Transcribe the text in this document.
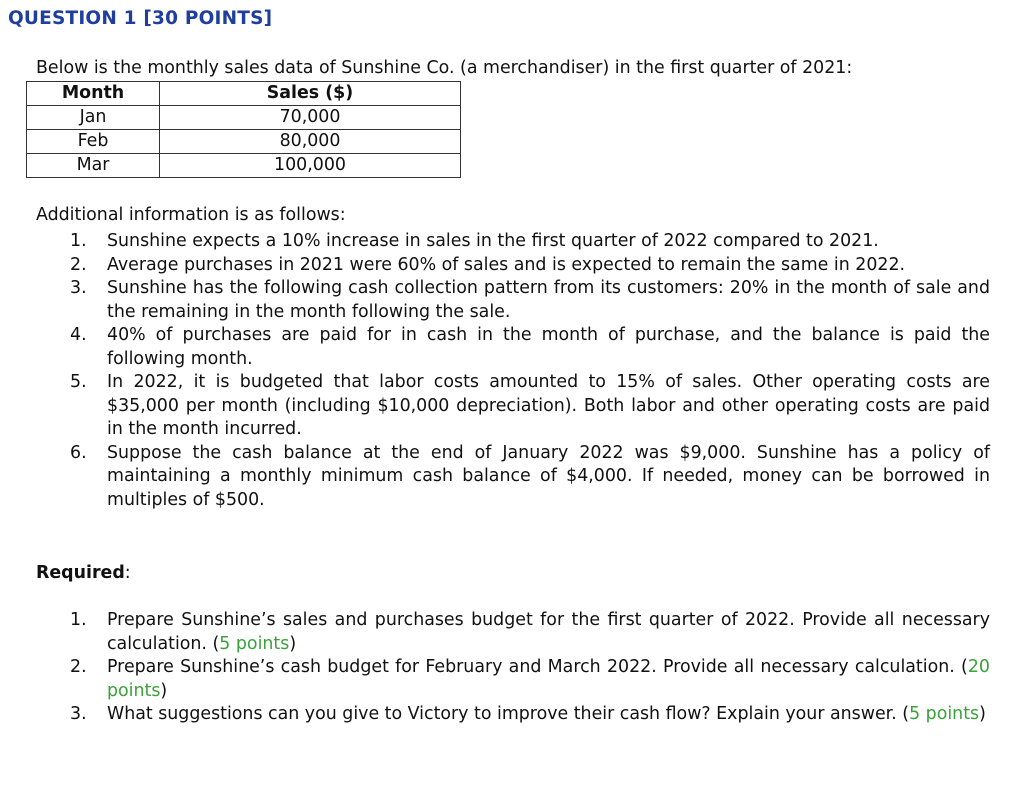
QUESTION 1 [30 POINTS]
Below is the monthly sales data of Sunshine Co. (a merchandiser) in the first quarter of 2021:
Month	Sales ($)
Jan	70,000
Feb	80,000
Mar	100,000
Additional information is as follows:
1. Sunshine expects a 10% increase in sales in the first quarter of 2022 compared to 2021.
2. Average purchases in 2021 were 60% of sales and is expected to remain the same in 2022.
3. Sunshine has the following cash collection pattern from its customers: 20% in the month of sale and the remaining in the month following the sale.
4. 40% of purchases are paid for in cash in the month of purchase, and the balance is paid the following month.
5. In 2022, it is budgeted that labor costs amounted to 15% of sales. Other operating costs are $35,000 per month (including $10,000 depreciation). Both labor and other operating costs are paid in the month incurred.
6. Suppose the cash balance at the end of January 2022 was $9,000. Sunshine has a policy of maintaining a monthly minimum cash balance of $4,000. If needed, money can be borrowed in multiples of $500.
Required:
1. Prepare Sunshine’s sales and purchases budget for the first quarter of 2022. Provide all necessary calculation. (5 points)
2. Prepare Sunshine’s cash budget for February and March 2022. Provide all necessary calculation. (20 points)
3. What suggestions can you give to Victory to improve their cash flow? Explain your answer. (5 points)
